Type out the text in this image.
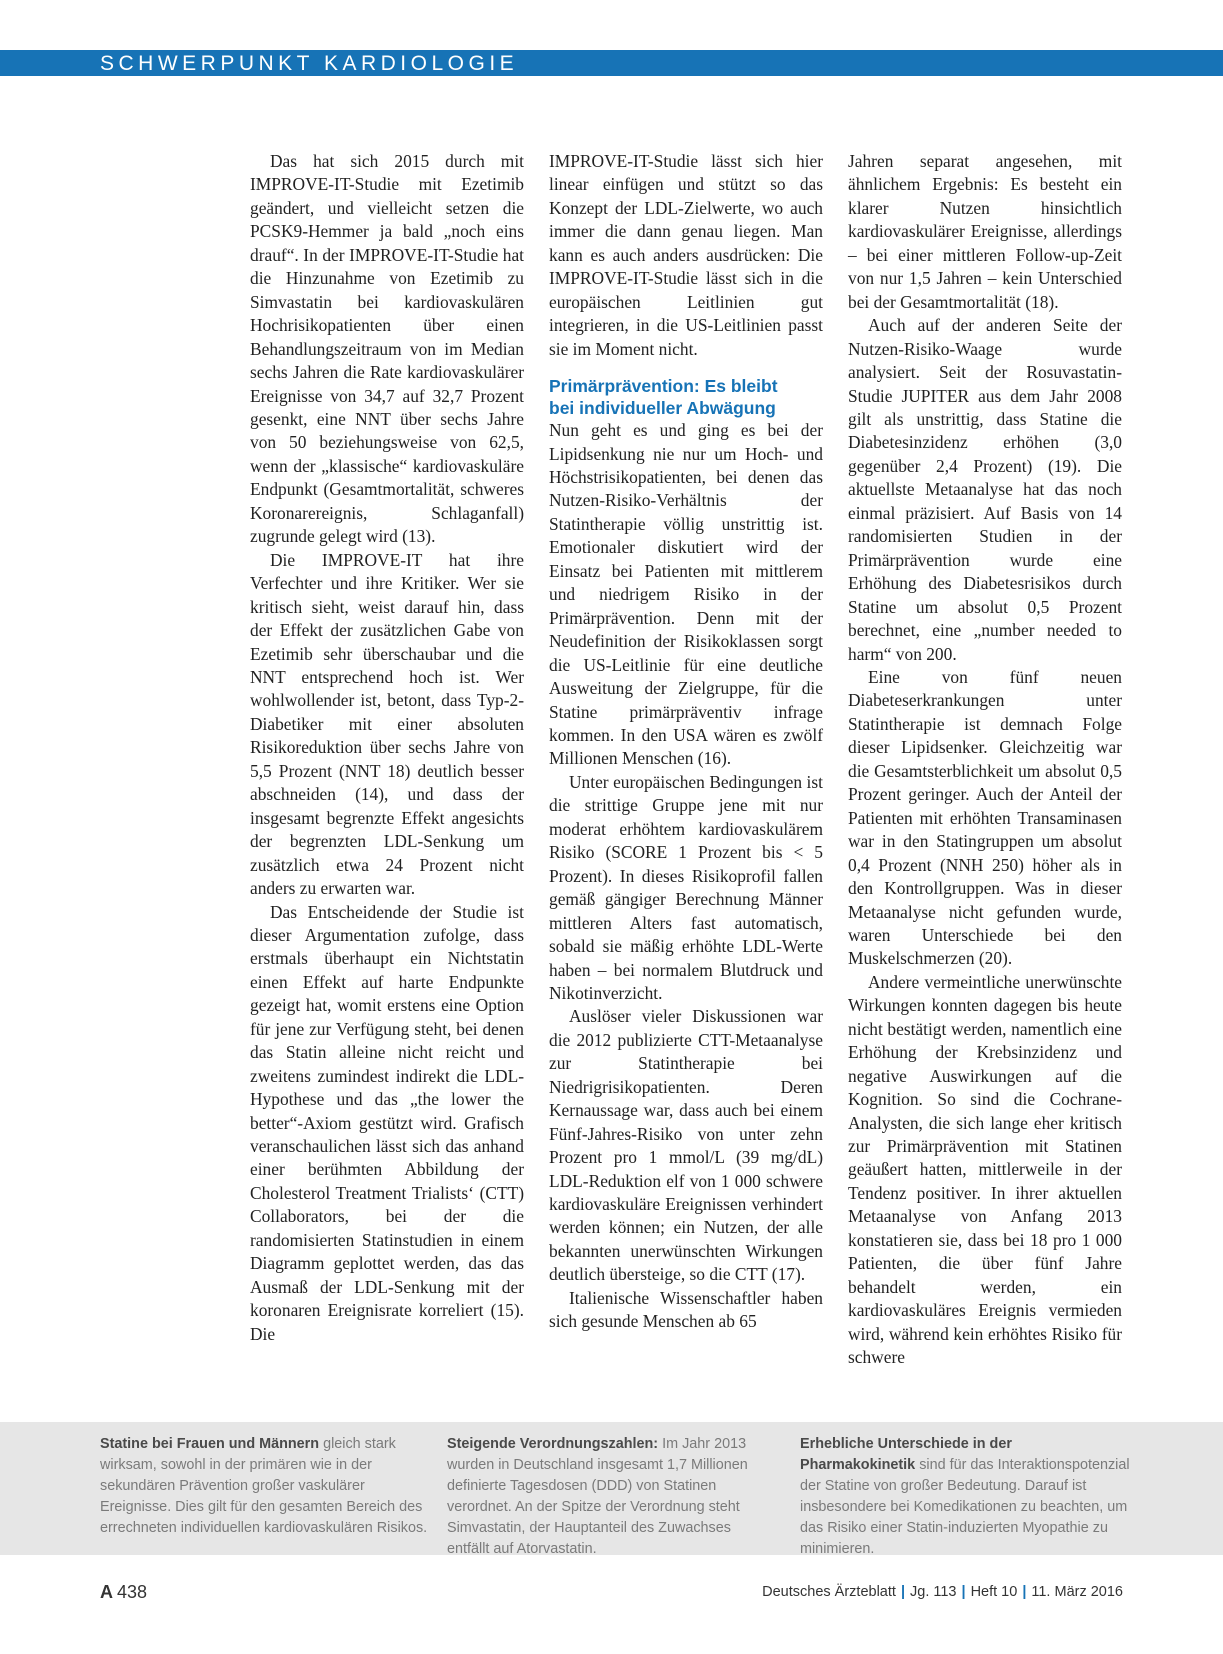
SCHWERPUNKT KARDIOLOGIE

Das hat sich 2015 durch mit IMPROVE-IT-Studie mit Ezetimib geändert, und vielleicht setzen die PCSK9-Hemmer ja bald „noch eins drauf“. In der IMPROVE-IT-Studie hat die Hinzunahme von Ezetimib zu Simvastatin bei kardiovaskulären Hochrisikopatienten über einen Behandlungszeitraum von im Median sechs Jahren die Rate kardiovaskulärer Ereignisse von 34,7 auf 32,7 Prozent gesenkt, eine NNT über sechs Jahre von 50 beziehungsweise von 62,5, wenn der „klassische“ kardiovaskuläre Endpunkt (Gesamtmortalität, schweres Koronarereignis, Schlaganfall) zugrunde gelegt wird (13).

Die IMPROVE-IT hat ihre Verfechter und ihre Kritiker. Wer sie kritisch sieht, weist darauf hin, dass der Effekt der zusätzlichen Gabe von Ezetimib sehr überschaubar und die NNT entsprechend hoch ist. Wer wohlwollender ist, betont, dass Typ-2-Diabetiker mit einer absoluten Risikoreduktion über sechs Jahre von 5,5 Prozent (NNT 18) deutlich besser abschneiden (14), und dass der insgesamt begrenzte Effekt angesichts der begrenzten LDL-Senkung um zusätzlich etwa 24 Prozent nicht anders zu erwarten war.

Das Entscheidende der Studie ist dieser Argumentation zufolge, dass erstmals überhaupt ein Nichtstatin einen Effekt auf harte Endpunkte gezeigt hat, womit erstens eine Option für jene zur Verfügung steht, bei denen das Statin alleine nicht reicht und zweitens zumindest indirekt die LDL-Hypothese und das „the lower the better“-Axiom gestützt wird. Grafisch veranschaulichen lässt sich das anhand einer berühmten Abbildung der Cholesterol Treatment Trialists‘ (CTT) Collaborators, bei der die randomisierten Statinstudien in einem Diagramm geplottet werden, das das Ausmaß der LDL-Senkung mit der koronaren Ereignisrate korreliert (15). Die

IMPROVE-IT-Studie lässt sich hier linear einfügen und stützt so das Konzept der LDL-Zielwerte, wo auch immer die dann genau liegen. Man kann es auch anders ausdrücken: Die IMPROVE-IT-Studie lässt sich in die europäischen Leitlinien gut integrieren, in die US-Leitlinien passt sie im Moment nicht.

Primärprävention: Es bleibt
bei individueller Abwägung

Nun geht es und ging es bei der Lipidsenkung nie nur um Hoch- und Höchstrisikopatienten, bei denen das Nutzen-Risiko-Verhältnis der Statintherapie völlig unstrittig ist. Emotionaler diskutiert wird der Einsatz bei Patienten mit mittlerem und niedrigem Risiko in der Primärprävention. Denn mit der Neudefinition der Risikoklassen sorgt die US-Leitlinie für eine deutliche Ausweitung der Zielgruppe, für die Statine primärpräventiv infrage kommen. In den USA wären es zwölf Millionen Menschen (16).

Unter europäischen Bedingungen ist die strittige Gruppe jene mit nur moderat erhöhtem kardiovaskulärem Risiko (SCORE 1 Prozent bis < 5 Prozent). In dieses Risikoprofil fallen gemäß gängiger Berechnung Männer mittleren Alters fast automatisch, sobald sie mäßig erhöhte LDL-Werte haben – bei normalem Blutdruck und Nikotinverzicht.

Auslöser vieler Diskussionen war die 2012 publizierte CTT-Metaanalyse zur Statintherapie bei Niedrigrisikopatienten. Deren Kernaussage war, dass auch bei einem Fünf-Jahres-Risiko von unter zehn Prozent pro 1 mmol/L (39 mg/dL) LDL-Reduktion elf von 1 000 schwere kardiovaskuläre Ereignissen verhindert werden können; ein Nutzen, der alle bekannten unerwünschten Wirkungen deutlich übersteige, so die CTT (17).

Italienische Wissenschaftler haben sich gesunde Menschen ab 65

Jahren separat angesehen, mit ähnlichem Ergebnis: Es besteht ein klarer Nutzen hinsichtlich kardiovaskulärer Ereignisse, allerdings – bei einer mittleren Follow-up-Zeit von nur 1,5 Jahren – kein Unterschied bei der Gesamtmortalität (18).

Auch auf der anderen Seite der Nutzen-Risiko-Waage wurde analysiert. Seit der Rosuvastatin-Studie JUPITER aus dem Jahr 2008 gilt als unstrittig, dass Statine die Diabetesinzidenz erhöhen (3,0 gegenüber 2,4 Prozent) (19). Die aktuellste Metaanalyse hat das noch einmal präzisiert. Auf Basis von 14 randomisierten Studien in der Primärprävention wurde eine Erhöhung des Diabetesrisikos durch Statine um absolut 0,5 Prozent berechnet, eine „number needed to harm“ von 200.

Eine von fünf neuen Diabeteserkrankungen unter Statintherapie ist demnach Folge dieser Lipidsenker. Gleichzeitig war die Gesamtsterblichkeit um absolut 0,5 Prozent geringer. Auch der Anteil der Patienten mit erhöhten Transaminasen war in den Statingruppen um absolut 0,4 Prozent (NNH 250) höher als in den Kontrollgruppen. Was in dieser Metaanalyse nicht gefunden wurde, waren Unterschiede bei den Muskelschmerzen (20).

Andere vermeintliche unerwünschte Wirkungen konnten dagegen bis heute nicht bestätigt werden, namentlich eine Erhöhung der Krebsinzidenz und negative Auswirkungen auf die Kognition. So sind die Cochrane-Analysten, die sich lange eher kritisch zur Primärprävention mit Statinen geäußert hatten, mittlerweile in der Tendenz positiver. In ihrer aktuellen Metaanalyse von Anfang 2013 konstatieren sie, dass bei 18 pro 1 000 Patienten, die über fünf Jahre behandelt werden, ein kardiovaskuläres Ereignis vermieden wird, während kein erhöhtes Risiko für schwere

Statine bei Frauen und Männern gleich stark wirksam, sowohl in der primären wie in der sekundären Prävention großer vaskulärer Ereignisse. Dies gilt für den gesamten Bereich des errechneten individuellen kardiovaskulären Risikos.
Steigende Verordnungszahlen: Im Jahr 2013 wurden in Deutschland insgesamt 1,7 Millionen definierte Tagesdosen (DDD) von Statinen verordnet. An der Spitze der Verordnung steht Simvastatin, der Hauptanteil des Zuwachses entfällt auf Atorvastatin.
Erhebliche Unterschiede in der Pharmakokinetik sind für das Interaktionspotenzial der Statine von großer Bedeutung. Darauf ist insbesondere bei Komedikationen zu beachten, um das Risiko einer Statin-induzierten Myopathie zu minimieren.
A 438	Deutsches Ärzteblatt | Jg. 113 | Heft 10 | 11. März 2016
